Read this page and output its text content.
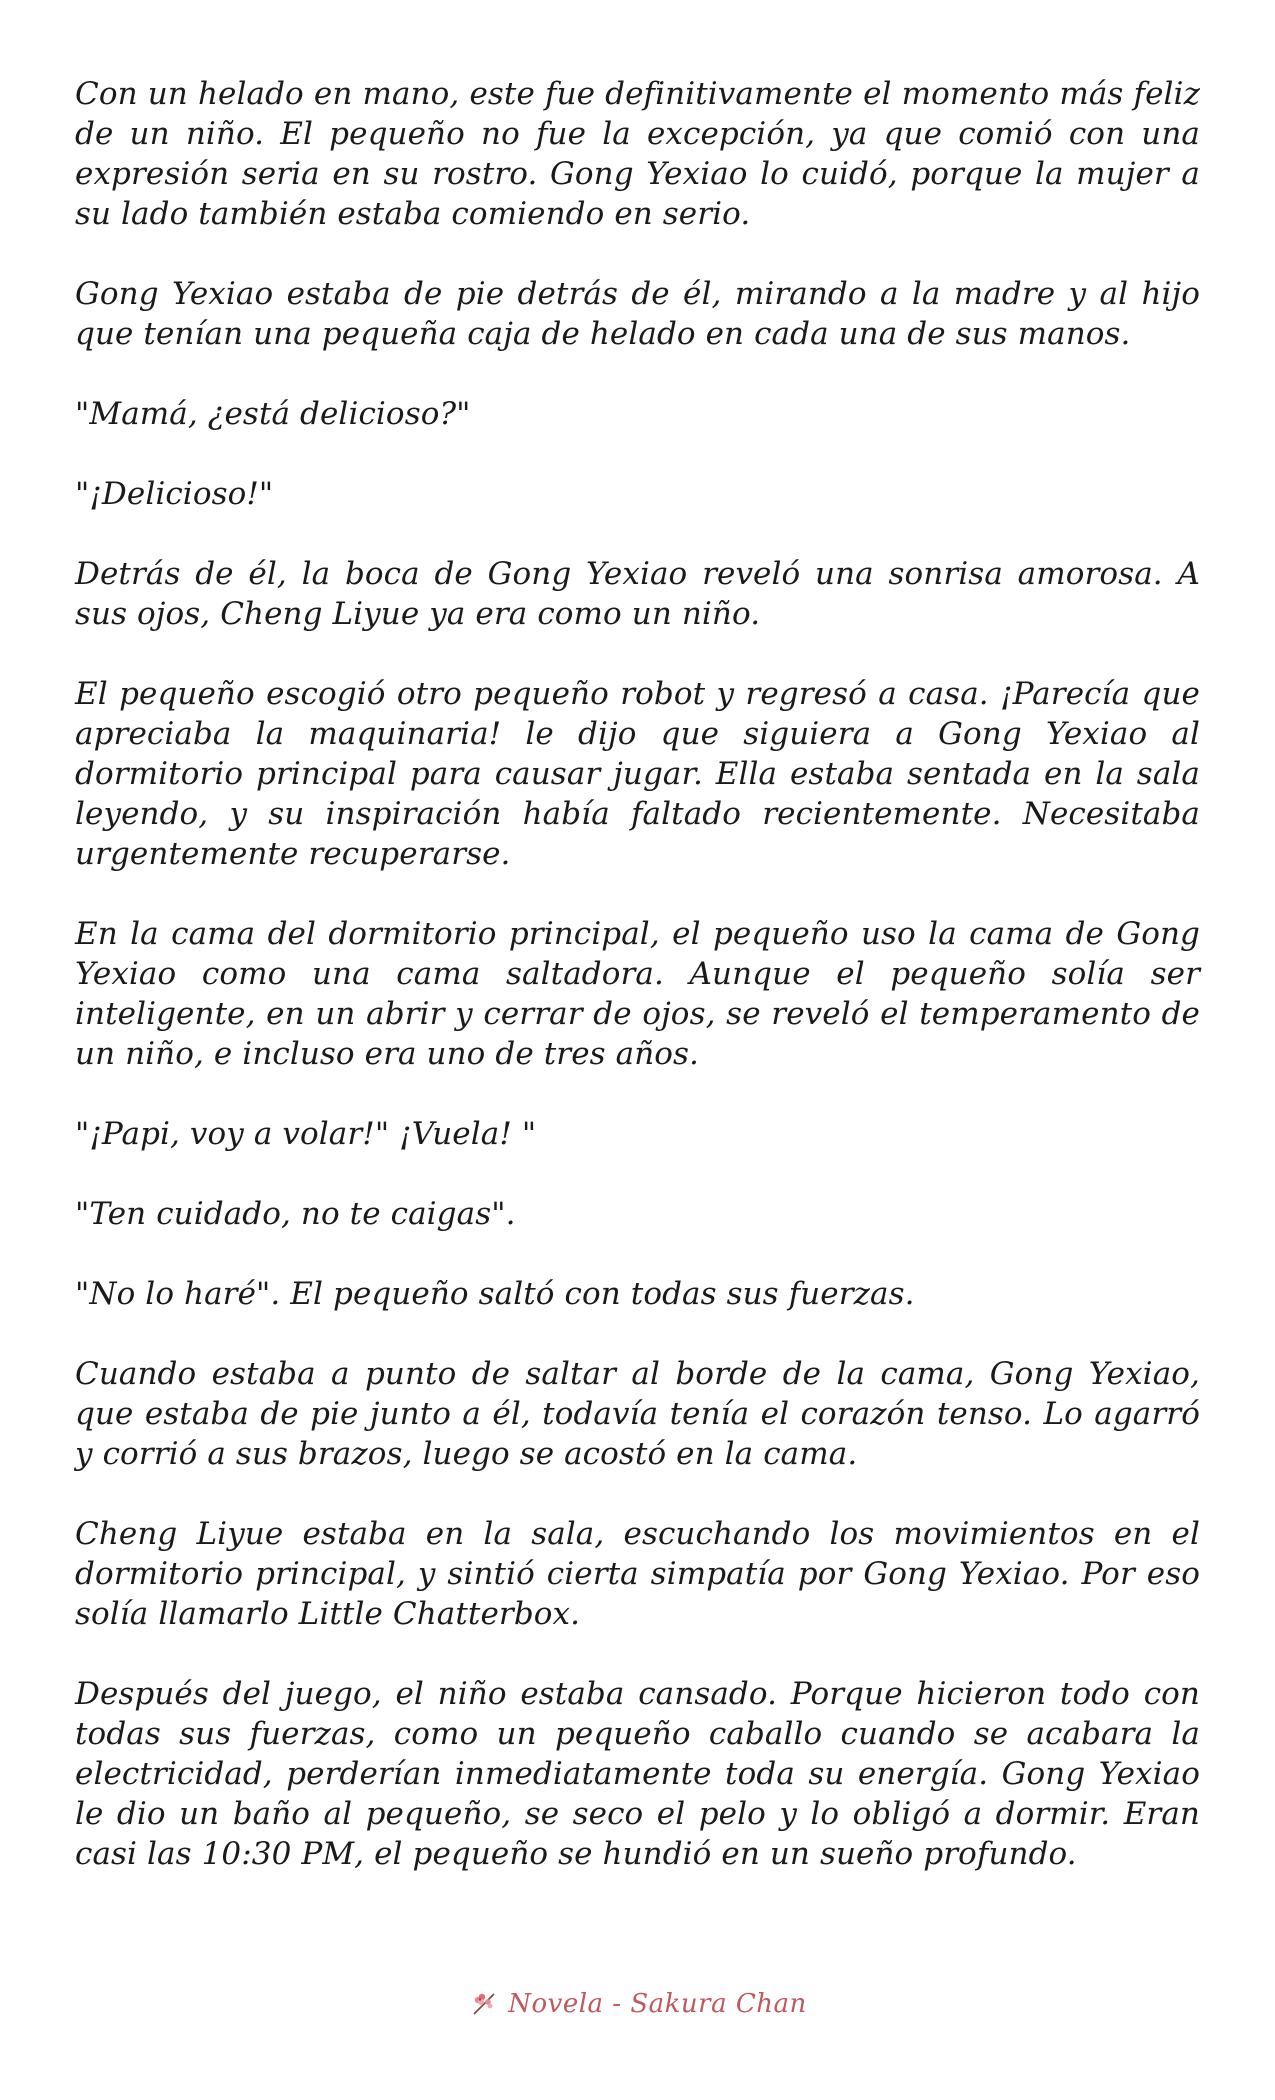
Con un helado en mano, este fue definitivamente el momento más feliz de un niño. El pequeño no fue la excepción, ya que comió con una expresión seria en su rostro. Gong Yexiao lo cuidó, porque la mujer a su lado también estaba comiendo en serio.

Gong Yexiao estaba de pie detrás de él, mirando a la madre y al hijo que tenían una pequeña caja de helado en cada una de sus manos.

"Mamá, ¿está delicioso?"

"¡Delicioso!"

Detrás de él, la boca de Gong Yexiao reveló una sonrisa amorosa. A sus ojos, Cheng Liyue ya era como un niño.

El pequeño escogió otro pequeño robot y regresó a casa. ¡Parecía que apreciaba la maquinaria! le dijo que siguiera a Gong Yexiao al dormitorio principal para causar jugar. Ella estaba sentada en la sala leyendo, y su inspiración había faltado recientemente. Necesitaba urgentemente recuperarse.

En la cama del dormitorio principal, el pequeño uso la cama de Gong Yexiao como una cama saltadora. Aunque el pequeño solía ser inteligente, en un abrir y cerrar de ojos, se reveló el temperamento de un niño, e incluso era uno de tres años.

"¡Papi, voy a volar!" ¡Vuela! "

"Ten cuidado, no te caigas".

"No lo haré". El pequeño saltó con todas sus fuerzas.

Cuando estaba a punto de saltar al borde de la cama, Gong Yexiao, que estaba de pie junto a él, todavía tenía el corazón tenso. Lo agarró y corrió a sus brazos, luego se acostó en la cama.

Cheng Liyue estaba en la sala, escuchando los movimientos en el dormitorio principal, y sintió cierta simpatía por Gong Yexiao. Por eso solía llamarlo Little Chatterbox.

Después del juego, el niño estaba cansado. Porque hicieron todo con todas sus fuerzas, como un pequeño caballo cuando se acabara la electricidad, perderían inmediatamente toda su energía. Gong Yexiao le dio un baño al pequeño, se seco el pelo y lo obligó a dormir. Eran casi las 10:30 PM, el pequeño se hundió en un sueño profundo.

Novela - Sakura Chan
